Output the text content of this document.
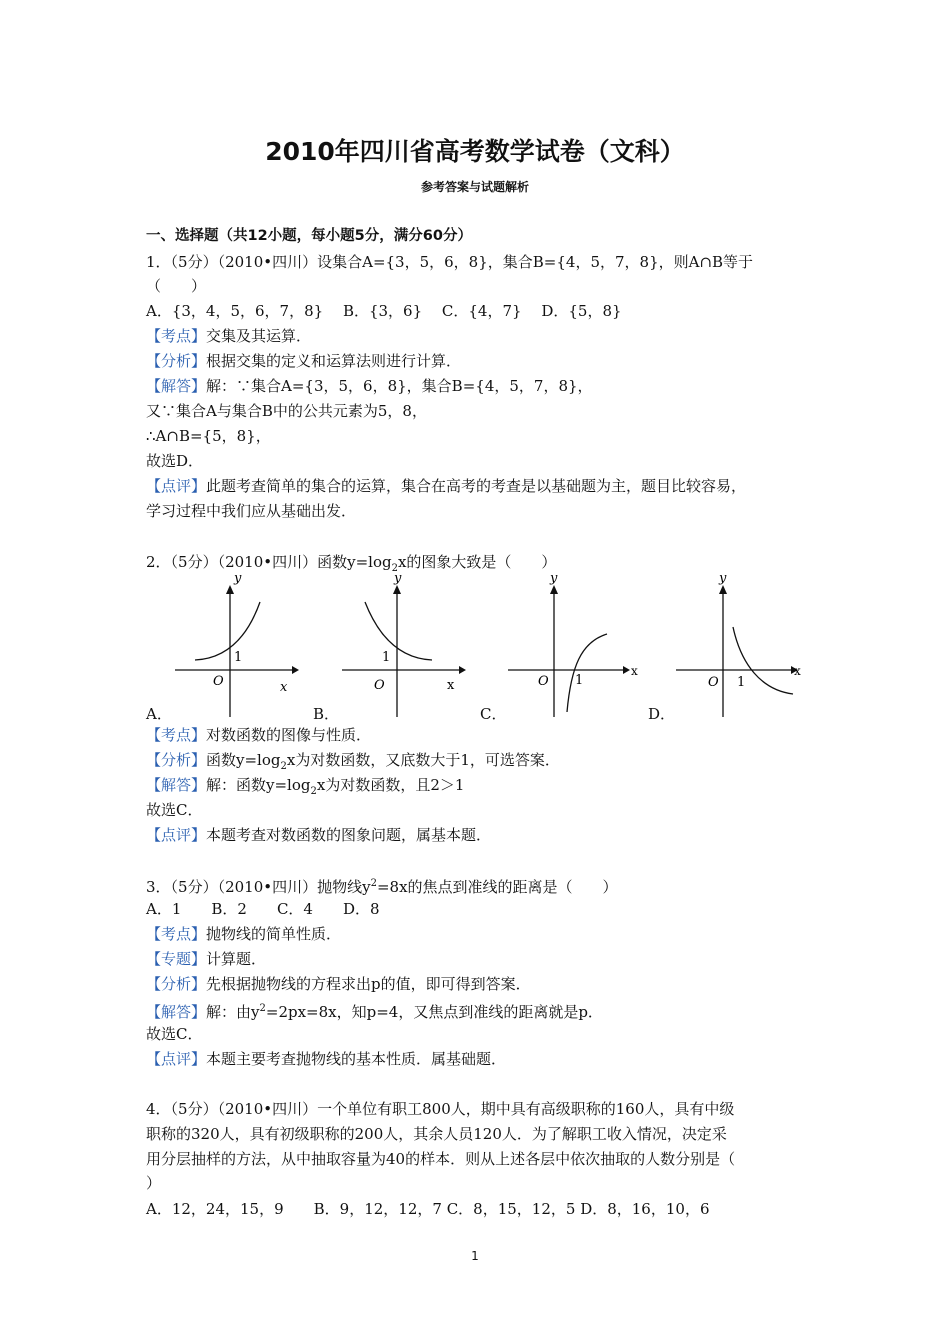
2010年四川省高考数学试卷（文科）
参考答案与试题解析
一、选择题（共12小题，每小题5分，满分60分）
1．（5分）（2010•四川）设集合A={3，5，6，8}，集合B={4，5，7，8}，则A∩B等于
（　　）
A．{3，4，5，6，7，8}　 B．{3，6}　 C．{4，7}　 D．{5，8}
【考点】交集及其运算．
【分析】根据交集的定义和运算法则进行计算．
【解答】解：∵集合A={3，5，6，8}，集合B={4，5，7，8}，
又∵集合A与集合B中的公共元素为5，8，
∴A∩B={5，8}，
故选D．
【点评】此题考查简单的集合的运算，集合在高考的考查是以基础题为主，题目比较容易，
学习过程中我们应从基础出发．
2．（5分）（2010•四川）函数$y=\log_2x$的图象大致是（　　）
y
1
O	x
y
1
O	x
y
1
O
x
y
1
O
x
A．	B．	C．	D．
【考点】对数函数的图像与性质．
【分析】函数$y=\log_2x$为对数函数，又底数大于1，可选答案．
【解答】解：函数$y=\log_2x$为对数函数，且2＞1
故选C．
【点评】本题考查对数函数的图象问题，属基本题．
3．（5分）（2010•四川）抛物线$y^2=8x$的焦点到准线的距离是（　　）
A．1　　B．2　　C．4　　D．8
【考点】抛物线的简单性质．
【专题】计算题．
【分析】先根据抛物线的方程求出p的值，即可得到答案．
【解答】解：由$y^2=2px=8x$，知p=4，又焦点到准线的距离就是p．
故选C．
【点评】本题主要考查抛物线的基本性质．属基础题．
4．（5分）（2010•四川）一个单位有职工800人，期中具有高级职称的160人，具有中级
职称的320人，具有初级职称的200人，其余人员120人．为了解职工收入情况，决定采
用分层抽样的方法，从中抽取容量为40的样本．则从上述各层中依次抽取的人数分别是（
）
A．12，24，15，9　　B．9，12，12，7 C．8，15，12，5 D．8，16，10，6
1
